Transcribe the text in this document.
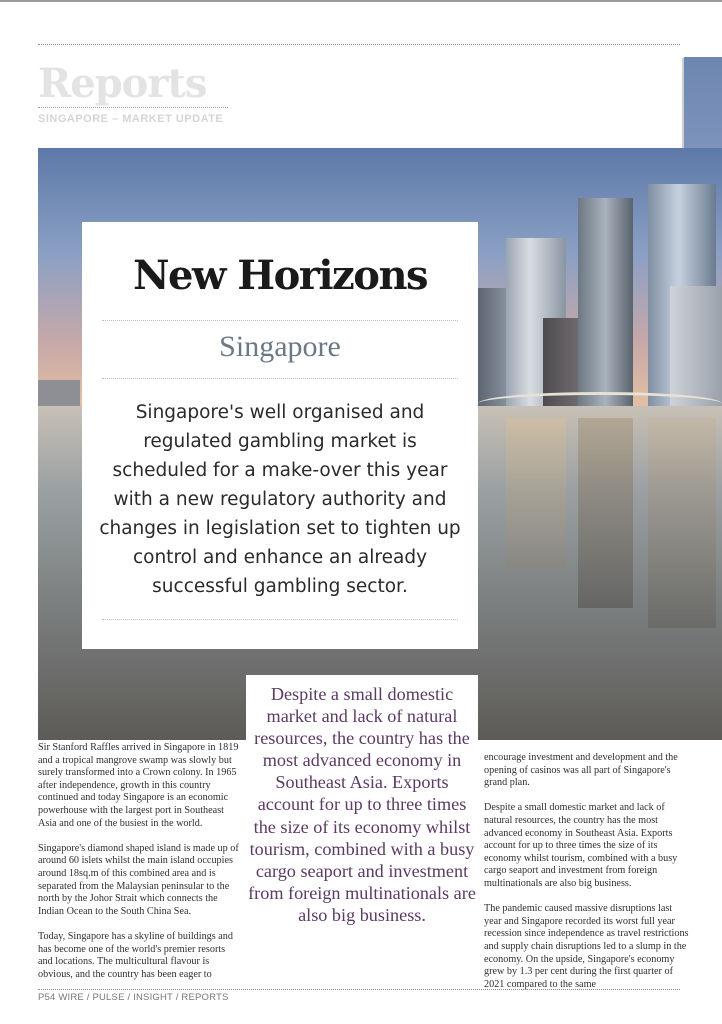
Reports
SINGAPORE – MARKET UPDATE
New Horizons
Singapore
Singapore's well organised and regulated gambling market is scheduled for a make-over this year with a new regulatory authority and changes in legislation set to tighten up control and enhance an already successful gambling sector.
Despite a small domestic market and lack of natural resources, the country has the most advanced economy in Southeast Asia. Exports account for up to three times the size of its economy whilst tourism, combined with a busy cargo seaport and investment from foreign multinationals are also big business.

Sir Stanford Raffles arrived in Singapore in 1819 and a tropical mangrove swamp was slowly but surely transformed into a Crown colony. In 1965 after independence, growth in this country continued and today Singapore is an economic powerhouse with the largest port in Southeast Asia and one of the busiest in the world.

Singapore's diamond shaped island is made up of around 60 islets whilst the main island occupies around 18sq.m of this combined area and is separated from the Malaysian peninsular to the north by the Johor Strait which connects the Indian Ocean to the South China Sea.

Today, Singapore has a skyline of buildings and has become one of the world's premier resorts and locations. The multicultural flavour is obvious, and the country has been eager to

encourage investment and development and the opening of casinos was all part of Singapore's grand plan.

Despite a small domestic market and lack of natural resources, the country has the most advanced economy in Southeast Asia. Exports account for up to three times the size of its economy whilst tourism, combined with a busy cargo seaport and investment from foreign multinationals are also big business.

The pandemic caused massive disruptions last year and Singapore recorded its worst full year recession since independence as travel restrictions and supply chain disruptions led to a slump in the economy. On the upside, Singapore's economy grew by 1.3 per cent during the first quarter of 2021 compared to the same

P54 WIRE / PULSE / INSIGHT / REPORTS
